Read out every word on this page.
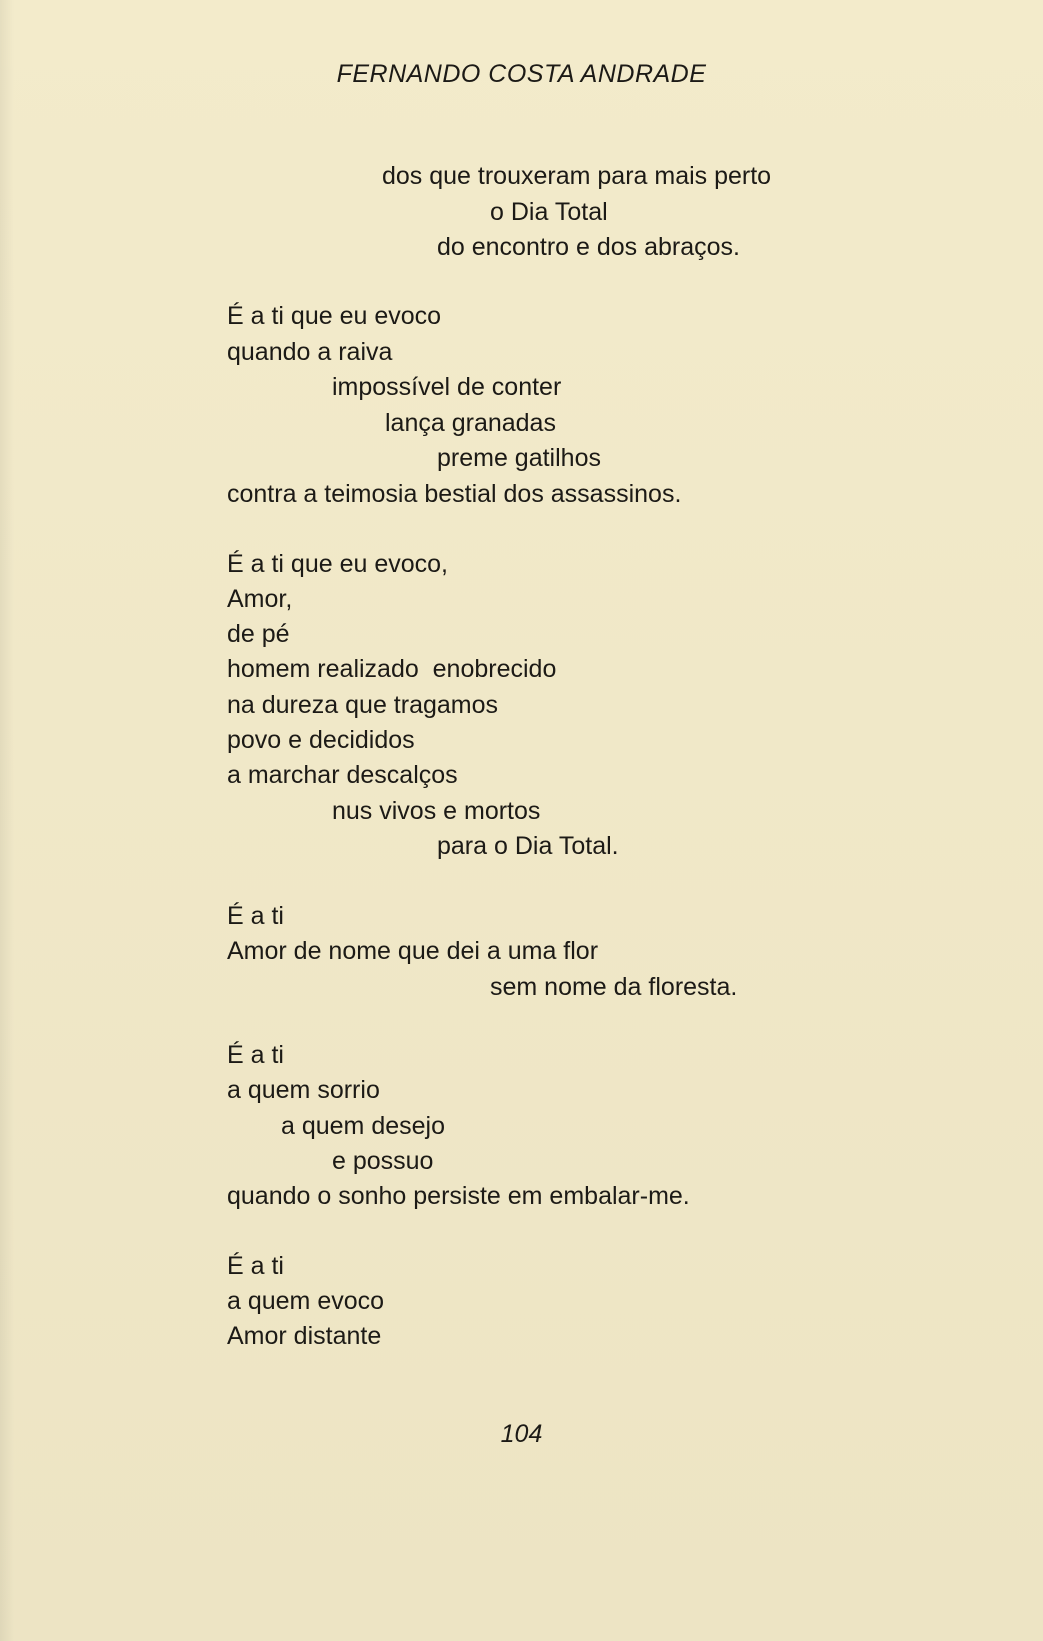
FERNANDO COSTA ANDRADE
dos que trouxeram para mais perto
o Dia Total
do encontro e dos abraços.
É a ti que eu evoco
quando a raiva
impossível de conter
lança granadas
preme gatilhos
contra a teimosia bestial dos assassinos.
É a ti que eu evoco,
Amor,
de pé
homem realizado  enobrecido
na dureza que tragamos
povo e decididos
a marchar descalços
nus vivos e mortos
para o Dia Total.
É a ti
Amor de nome que dei a uma flor
sem nome da floresta.
É a ti
a quem sorrio
a quem desejo
e possuo
quando o sonho persiste em embalar-me.
É a ti
a quem evoco
Amor distante
104
